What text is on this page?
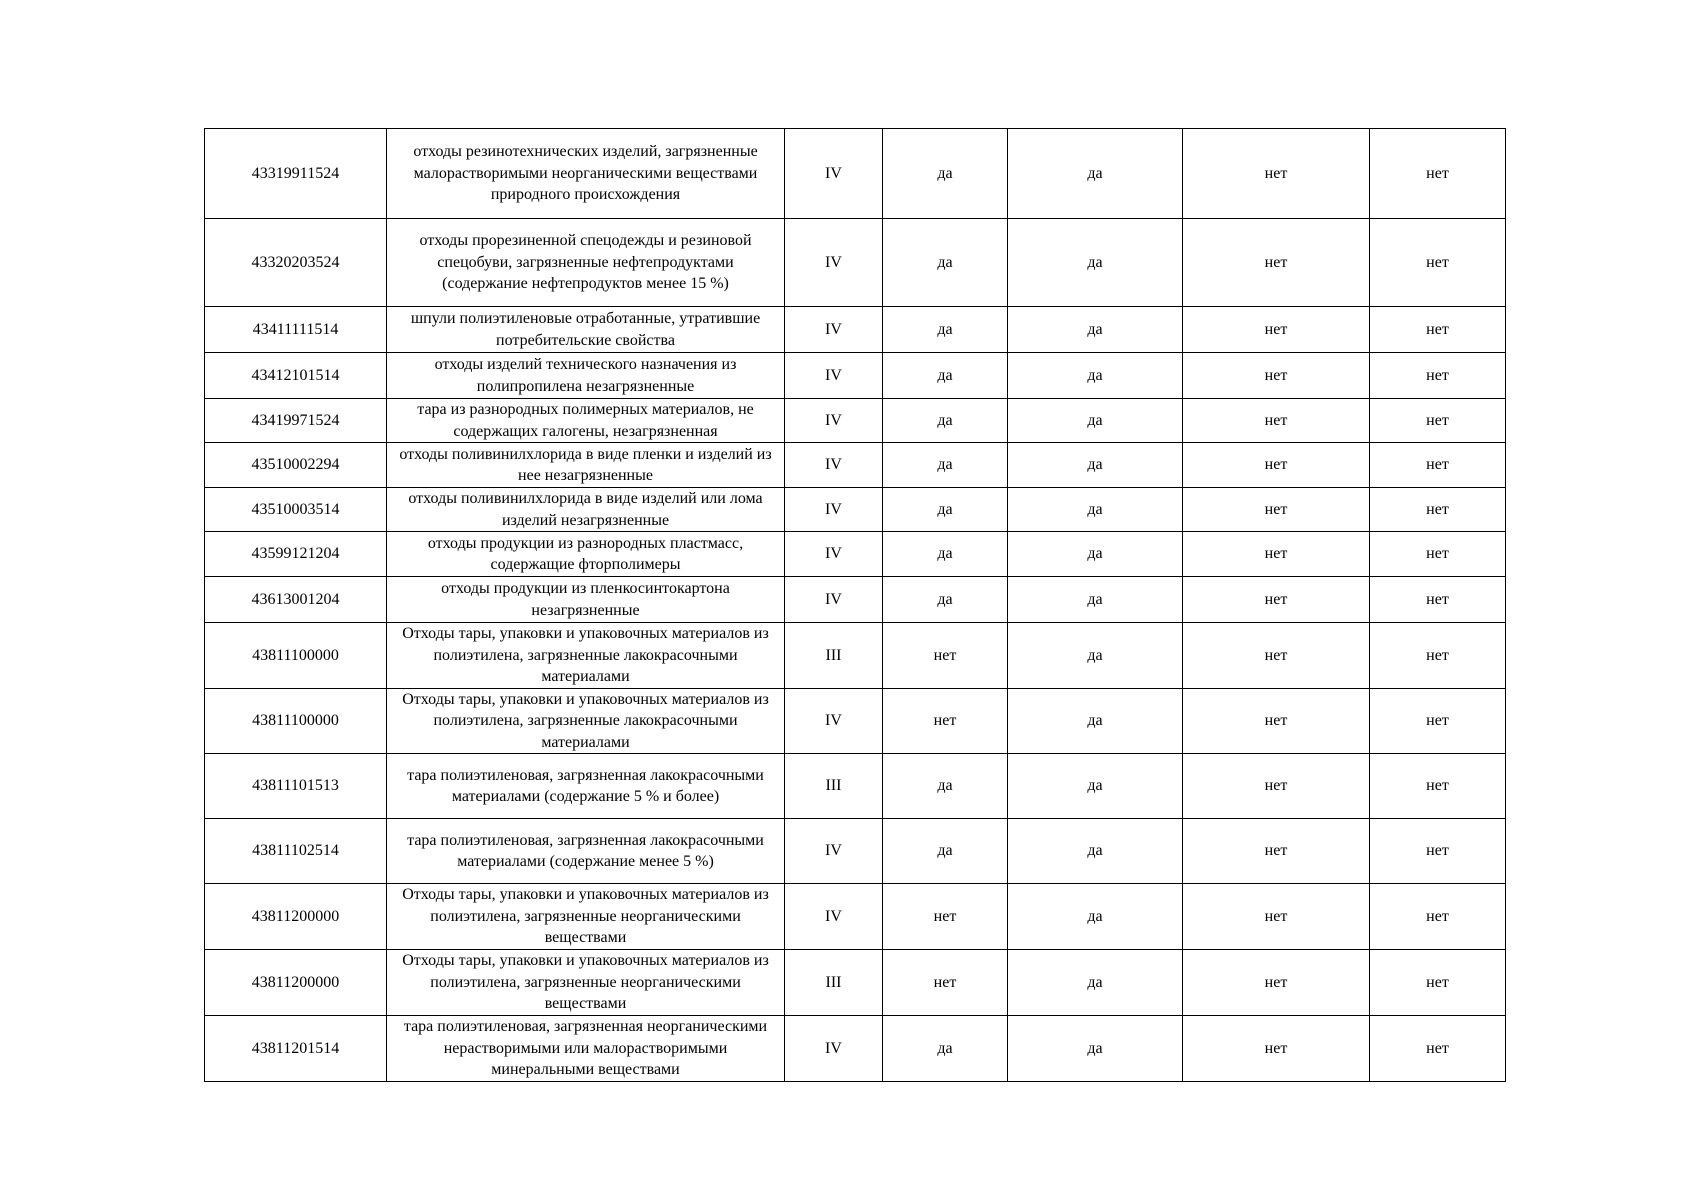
43319911524	отходы резинотехнических изделий, загрязненные малорастворимыми неорганическими веществами природного происхождения	IV	да	да	нет	нет
43320203524	отходы прорезиненной спецодежды и резиновой спецобуви, загрязненные нефтепродуктами (содержание нефтепродуктов менее 15 %)	IV	да	да	нет	нет
43411111514	шпули полиэтиленовые отработанные, утратившие потребительские свойства	IV	да	да	нет	нет
43412101514	отходы изделий технического назначения из полипропилена незагрязненные	IV	да	да	нет	нет
43419971524	тара из разнородных полимерных материалов, не содержащих галогены, незагрязненная	IV	да	да	нет	нет
43510002294	отходы поливинилхлорида в виде пленки и изделий из нее незагрязненные	IV	да	да	нет	нет
43510003514	отходы поливинилхлорида в виде изделий или лома изделий незагрязненные	IV	да	да	нет	нет
43599121204	отходы продукции из разнородных пластмасс, содержащие фторполимеры	IV	да	да	нет	нет
43613001204	отходы продукции из пленкосинтокартона незагрязненные	IV	да	да	нет	нет
43811100000	Отходы тары, упаковки и упаковочных материалов из полиэтилена, загрязненные лакокрасочными материалами	III	нет	да	нет	нет
43811100000	Отходы тары, упаковки и упаковочных материалов из полиэтилена, загрязненные лакокрасочными материалами	IV	нет	да	нет	нет
43811101513	тара полиэтиленовая, загрязненная лакокрасочными материалами (содержание 5 % и более)	III	да	да	нет	нет
43811102514	тара полиэтиленовая, загрязненная лакокрасочными материалами (содержание менее 5 %)	IV	да	да	нет	нет
43811200000	Отходы тары, упаковки и упаковочных материалов из полиэтилена, загрязненные неорганическими веществами	IV	нет	да	нет	нет
43811200000	Отходы тары, упаковки и упаковочных материалов из полиэтилена, загрязненные неорганическими веществами	III	нет	да	нет	нет
43811201514	тара полиэтиленовая, загрязненная неорганическими нерастворимыми или малорастворимыми минеральными веществами	IV	да	да	нет	нет
